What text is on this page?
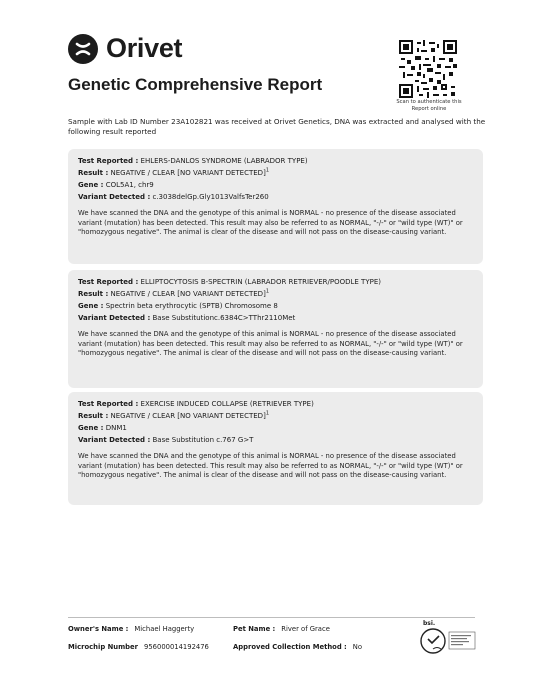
Orivet
Genetic Comprehensive Report
Scan to authenticate this Report online
Sample with Lab ID Number 23A102821 was received at Orivet Genetics, DNA was extracted and analysed with the following result reported
Test Reported : EHLERS-DANLOS SYNDROME (LABRADOR TYPE)
Result : NEGATIVE / CLEAR [NO VARIANT DETECTED]$^1$
Gene : COL5A1, chr9
Variant Detected : c.3038delGp.Gly1013ValfsTer260
We have scanned the DNA and the genotype of this animal is NORMAL - no presence of the disease associated variant (mutation) has been detected. This result may also be referred to as NORMAL, "-/-" or "wild type (WT)" or "homozygous negative". The animal is clear of the disease and will not pass on the disease-causing variant.
Test Reported : ELLIPTOCYTOSIS B-SPECTRIN (LABRADOR RETRIEVER/POODLE TYPE)
Result : NEGATIVE / CLEAR [NO VARIANT DETECTED]$^1$
Gene : Spectrin beta erythrocytic (SPTB) Chromosome 8
Variant Detected : Base Substitutionc.6384C>TThr2110Met
We have scanned the DNA and the genotype of this animal is NORMAL - no presence of the disease associated variant (mutation) has been detected. This result may also be referred to as NORMAL, "-/-" or "wild type (WT)" or "homozygous negative". The animal is clear of the disease and will not pass on the disease-causing variant.
Test Reported : EXERCISE INDUCED COLLAPSE (RETRIEVER TYPE)
Result : NEGATIVE / CLEAR [NO VARIANT DETECTED]$^1$
Gene : DNM1
Variant Detected : Base Substitution c.767 G>T
We have scanned the DNA and the genotype of this animal is NORMAL - no presence of the disease associated variant (mutation) has been detected. This result may also be referred to as NORMAL, "-/-" or "wild type (WT)" or "homozygous negative". The animal is clear of the disease and will not pass on the disease-causing variant.
Owner's Name : Michael Haggerty	Pet Name : River of Grace
Microchip Number 956000014192476	Approved Collection Method : No
bsi.
